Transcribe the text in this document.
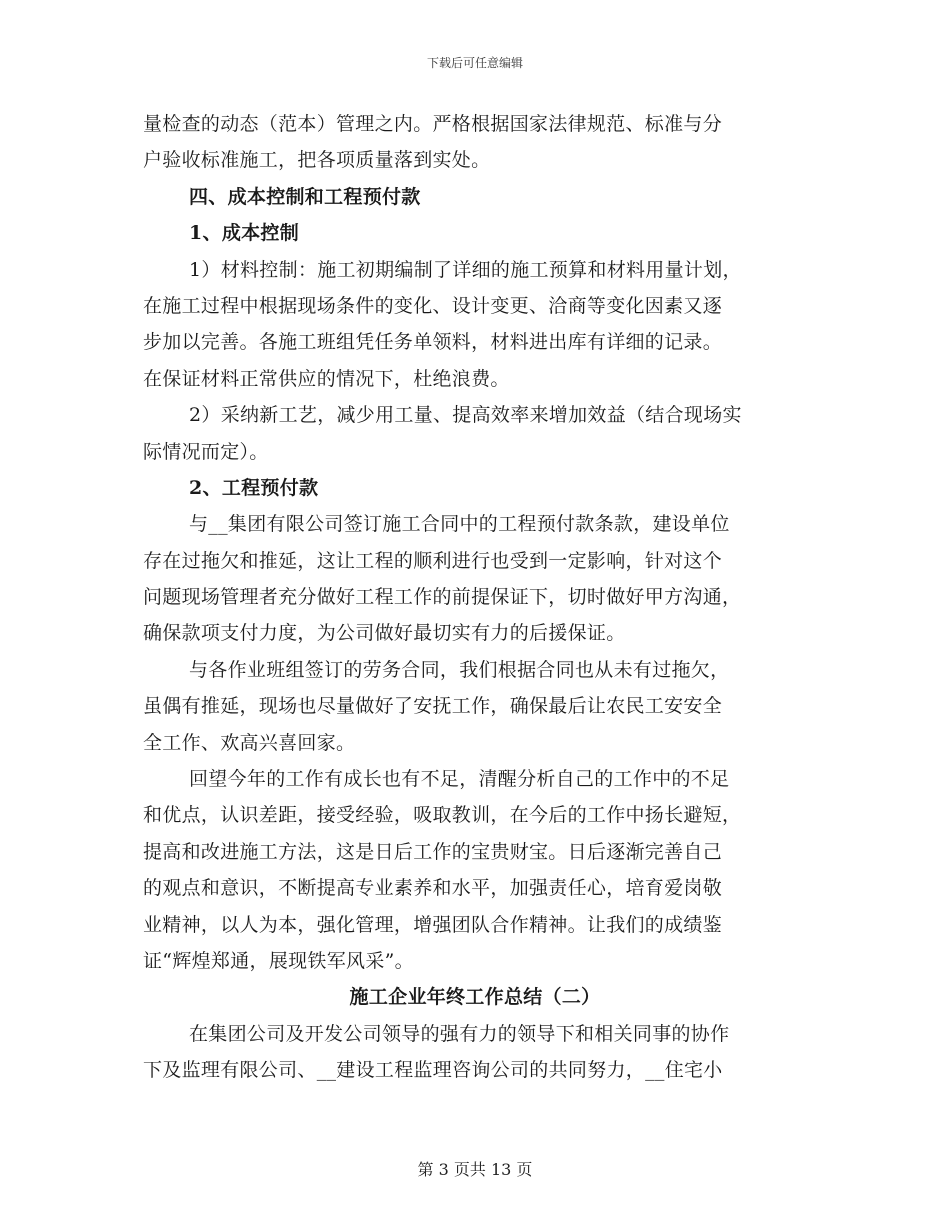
下载后可任意编辑
量检查的动态（范本）管理之内。严格根据国家法律规范、标准与分
户验收标准施工，把各项质量落到实处。
四、成本控制和工程预付款
1、成本控制
1）材料控制：施工初期编制了详细的施工预算和材料用量计划，
在施工过程中根据现场条件的变化、设计变更、洽商等变化因素又逐
步加以完善。各施工班组凭任务单领料，材料进出库有详细的记录。
在保证材料正常供应的情况下，杜绝浪费。
2）采纳新工艺，减少用工量、提高效率来增加效益（结合现场实
际情况而定）。
2、工程预付款
与__集团有限公司签订施工合同中的工程预付款条款，建设单位
存在过拖欠和推延，这让工程的顺利进行也受到一定影响，针对这个
问题现场管理者充分做好工程工作的前提保证下，切时做好甲方沟通，
确保款项支付力度，为公司做好最切实有力的后援保证。
与各作业班组签订的劳务合同，我们根据合同也从未有过拖欠，
虽偶有推延，现场也尽量做好了安抚工作，确保最后让农民工安安全
全工作、欢高兴喜回家。
回望今年的工作有成长也有不足，清醒分析自己的工作中的不足
和优点，认识差距，接受经验，吸取教训，在今后的工作中扬长避短，
提高和改进施工方法，这是日后工作的宝贵财宝。日后逐渐完善自己
的观点和意识，不断提高专业素养和水平，加强责任心，培育爱岗敬
业精神，以人为本，强化管理，增强团队合作精神。让我们的成绩鉴
证“辉煌郑通，展现铁军风采”。
施工企业年终工作总结（二）
在集团公司及开发公司领导的强有力的领导下和相关同事的协作
下及监理有限公司、__建设工程监理咨询公司的共同努力，__住宅小
第 3 页共 13 页
